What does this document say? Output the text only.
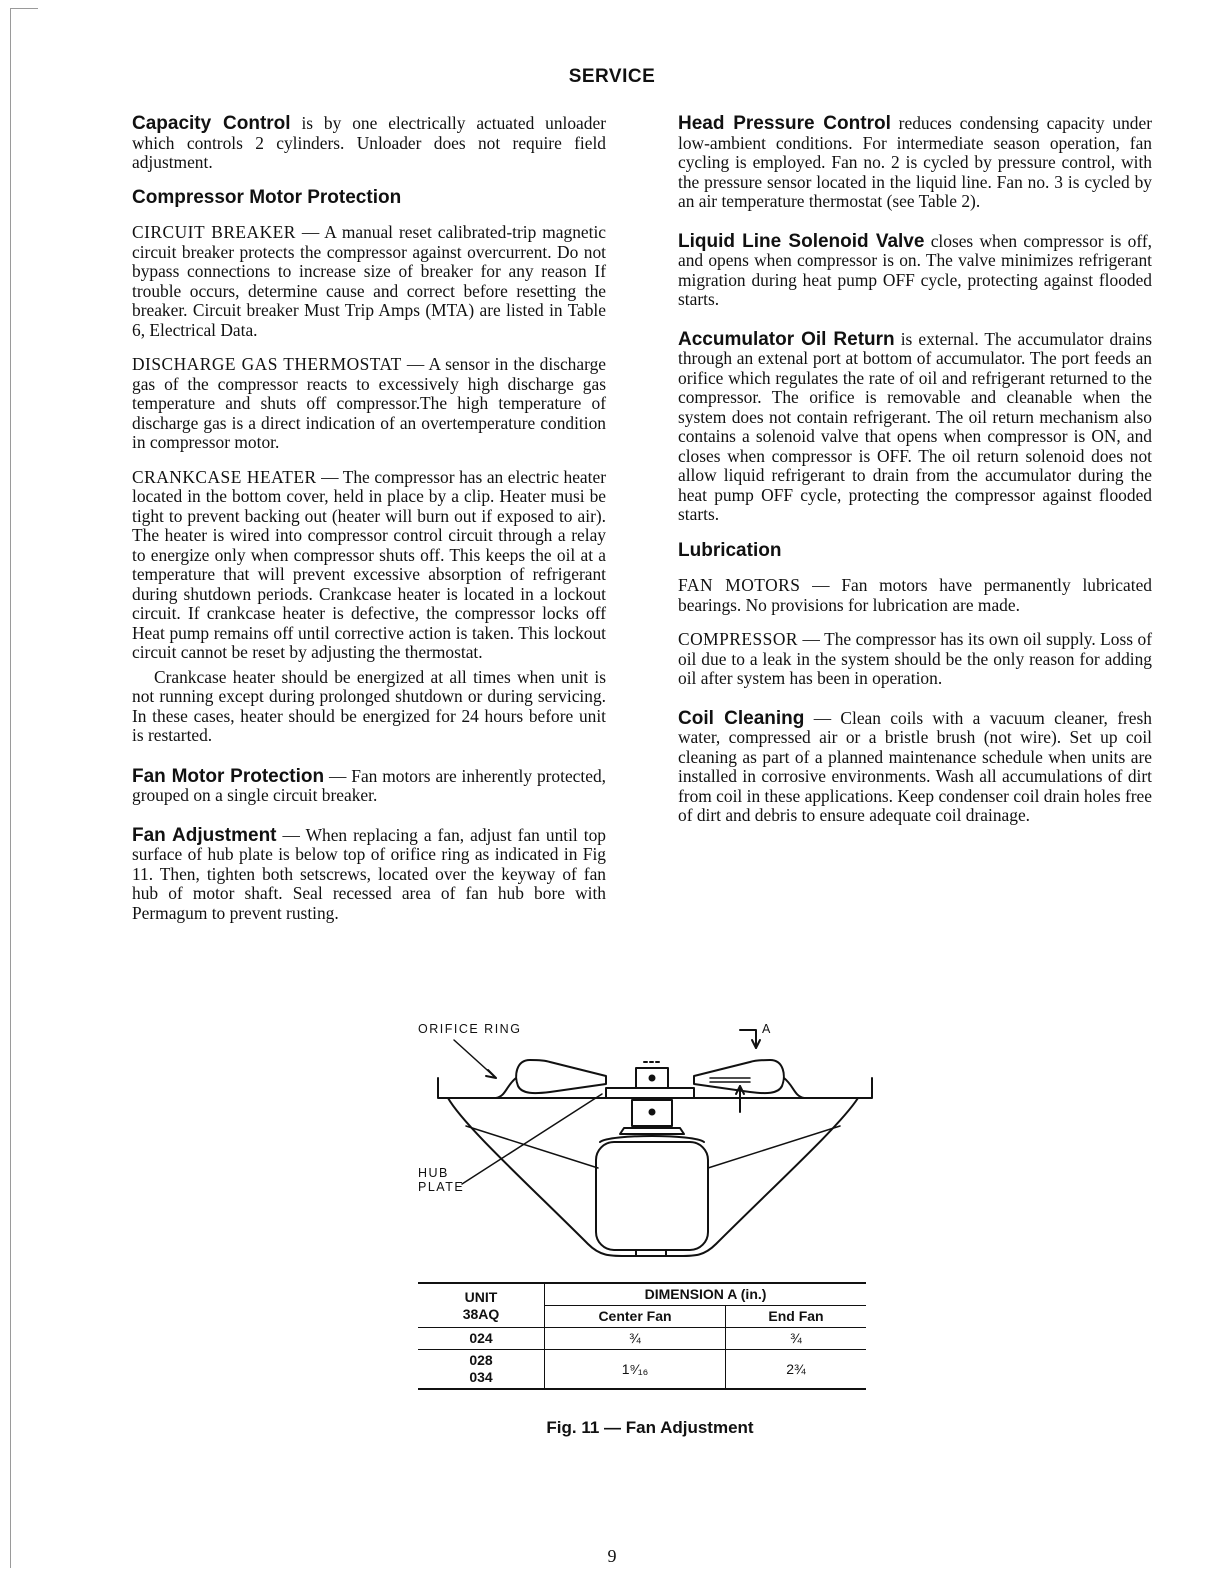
SERVICE

Capacity Control is by one electrically actuated unloader which controls 2 cylinders. Unloader does not require field adjustment.

Compressor Motor Protection

CIRCUIT BREAKER — A manual reset calibrated-trip magnetic circuit breaker protects the compressor against overcurrent. Do not bypass connections to increase size of breaker for any reason If trouble occurs, determine cause and correct before resetting the breaker. Circuit breaker Must Trip Amps (MTA) are listed in Table 6, Electrical Data.

DISCHARGE GAS THERMOSTAT — A sensor in the discharge gas of the compressor reacts to excessively high discharge gas temperature and shuts off compressor.The high temperature of discharge gas is a direct indication of an overtemperature condition in compressor motor.

CRANKCASE HEATER — The compressor has an electric heater located in the bottom cover, held in place by a clip. Heater musi be tight to prevent backing out (heater will burn out if exposed to air). The heater is wired into compressor control circuit through a relay to energize only when compressor shuts off. This keeps the oil at a temperature that will prevent excessive absorption of refrigerant during shutdown periods. Crankcase heater is located in a lockout circuit. If crankcase heater is defective, the compressor locks off Heat pump remains off until corrective action is taken. This lockout circuit cannot be reset by adjusting the thermostat.

Crankcase heater should be energized at all times when unit is not running except during prolonged shutdown or during servicing. In these cases, heater should be energized for 24 hours before unit is restarted.

Fan Motor Protection — Fan motors are inherently protected, grouped on a single circuit breaker.

Fan Adjustment — When replacing a fan, adjust fan until top surface of hub plate is below top of orifice ring as indicated in Fig 11. Then, tighten both setscrews, located over the keyway of fan hub of motor shaft. Seal recessed area of fan hub bore with Permagum to prevent rusting.

Head Pressure Control reduces condensing capacity under low-ambient conditions. For intermediate season operation, fan cycling is employed. Fan no. 2 is cycled by pressure control, with the pressure sensor located in the liquid line. Fan no. 3 is cycled by an air temperature thermostat (see Table 2).

Liquid Line Solenoid Valve closes when compressor is off, and opens when compressor is on. The valve minimizes refrigerant migration during heat pump OFF cycle, protecting against flooded starts.

Accumulator Oil Return is external. The accumulator drains through an extenal port at bottom of accumulator. The port feeds an orifice which regulates the rate of oil and refrigerant returned to the compressor. The orifice is removable and cleanable when the system does not contain refrigerant. The oil return mechanism also contains a solenoid valve that opens when compressor is ON, and closes when compressor is OFF. The oil return solenoid does not allow liquid refrigerant to drain from the accumulator during the heat pump OFF cycle, protecting the compressor against flooded starts.

Lubrication

FAN MOTORS — Fan motors have permanently lubricated bearings. No provisions for lubrication are made.

COMPRESSOR — The compressor has its own oil supply. Loss of oil due to a leak in the system should be the only reason for adding oil after system has been in operation.

Coil Cleaning — Clean coils with a vacuum cleaner, fresh water, compressed air or a bristle brush (not wire). Set up coil cleaning as part of a planned maintenance schedule when units are installed in corrosive environments. Wash all accumulations of dirt from coil in these applications. Keep condenser coil drain holes free of dirt and debris to ensure adequate coil drainage.

ORIFICE RING	A
HUB
PLATE
UNIT
38AQ	DIMENSION A (in.)	
	Center Fan	End Fan
024	¾	¾

028
034	1⁹⁄₁₆	2¾
Fig. 11 — Fan Adjustment
9
